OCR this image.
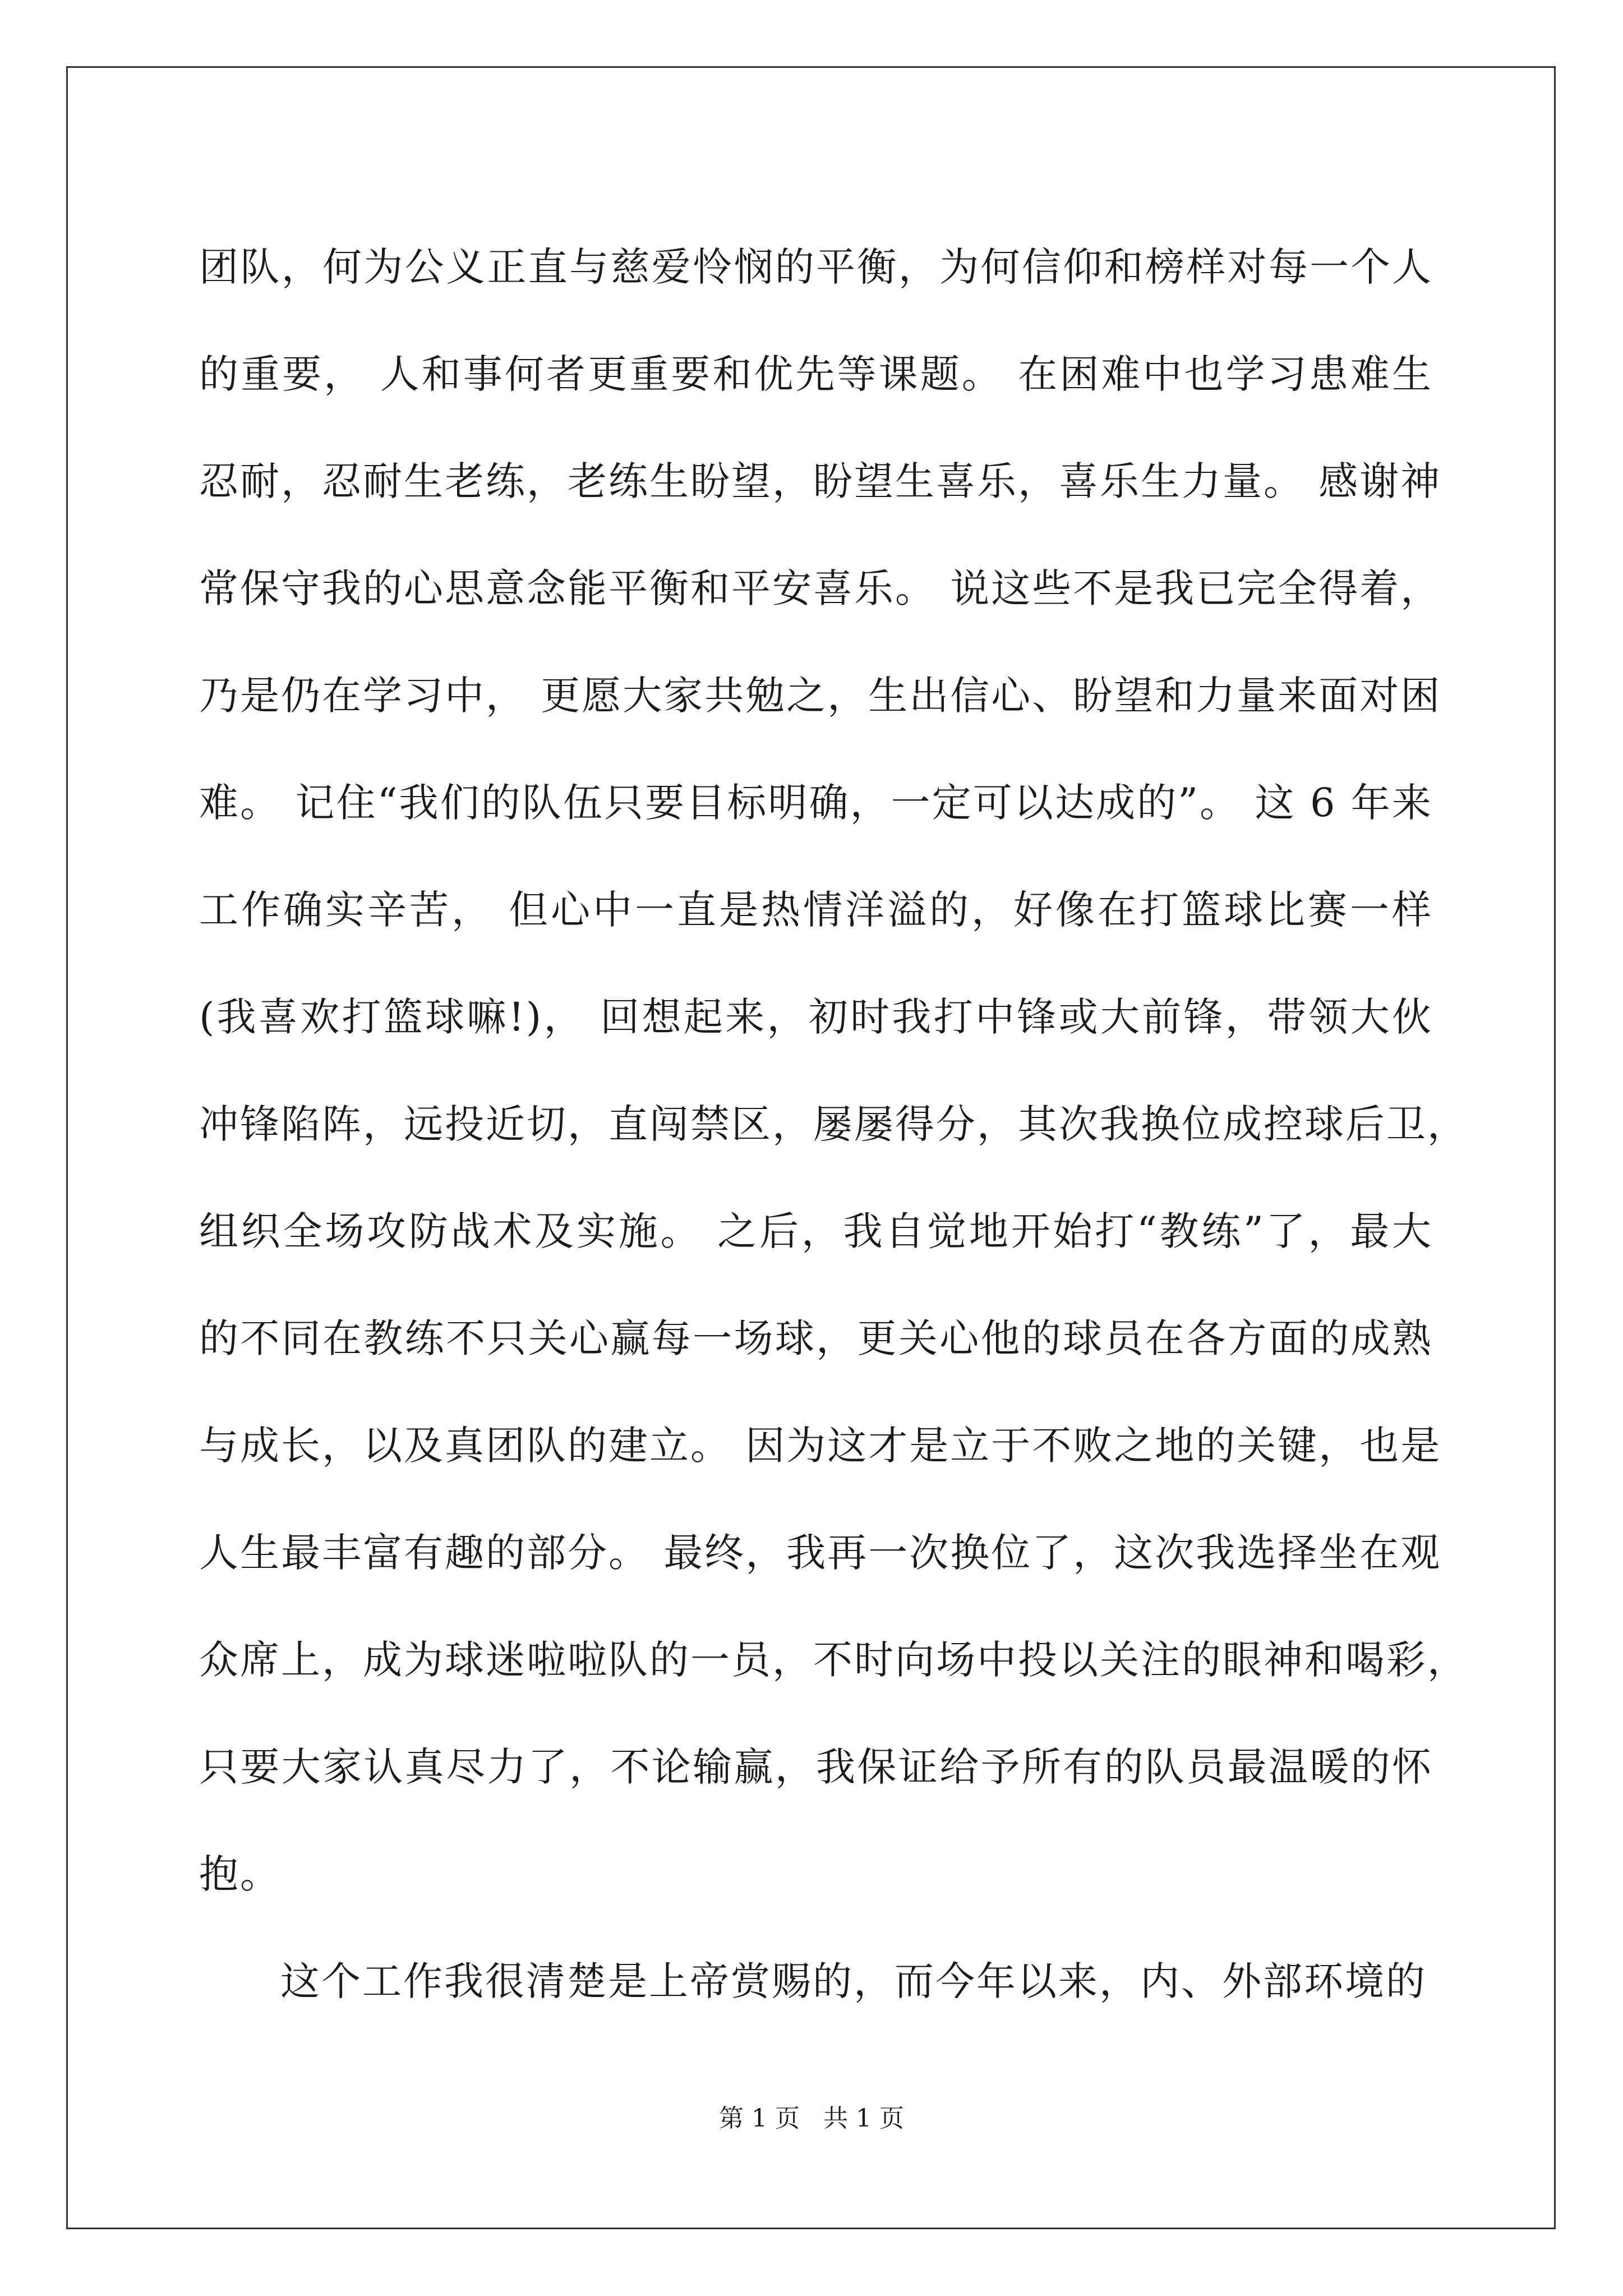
团队，何为公义正直与慈爱怜悯的平衡，为何信仰和榜样对每一个人
的重要， 人和事何者更重要和优先等课题。 在困难中也学习患难生
忍耐，忍耐生老练，老练生盼望，盼望生喜乐，喜乐生力量。 感谢神
常保守我的心思意念能平衡和平安喜乐。 说这些不是我已完全得着，
乃是仍在学习中， 更愿大家共勉之，生出信心、盼望和力量来面对困
难。 记住“我们的队伍只要目标明确，一定可以达成的”。 这 6 年来
工作确实辛苦， 但心中一直是热情洋溢的，好像在打篮球比赛一样
(我喜欢打篮球嘛!)， 回想起来，初时我打中锋或大前锋，带领大伙
冲锋陷阵，远投近切，直闯禁区，屡屡得分，其次我换位成控球后卫，
组织全场攻防战术及实施。 之后，我自觉地开始打“教练”了，最大
的不同在教练不只关心赢每一场球，更关心他的球员在各方面的成熟
与成长，以及真团队的建立。 因为这才是立于不败之地的关键，也是
人生最丰富有趣的部分。 最终，我再一次换位了，这次我选择坐在观
众席上，成为球迷啦啦队的一员，不时向场中投以关注的眼神和喝彩，
只要大家认真尽力了，不论输赢，我保证给予所有的队员最温暖的怀
抱。
这个工作我很清楚是上帝赏赐的，而今年以来，内、外部环境的
第 1 页 共 1 页
